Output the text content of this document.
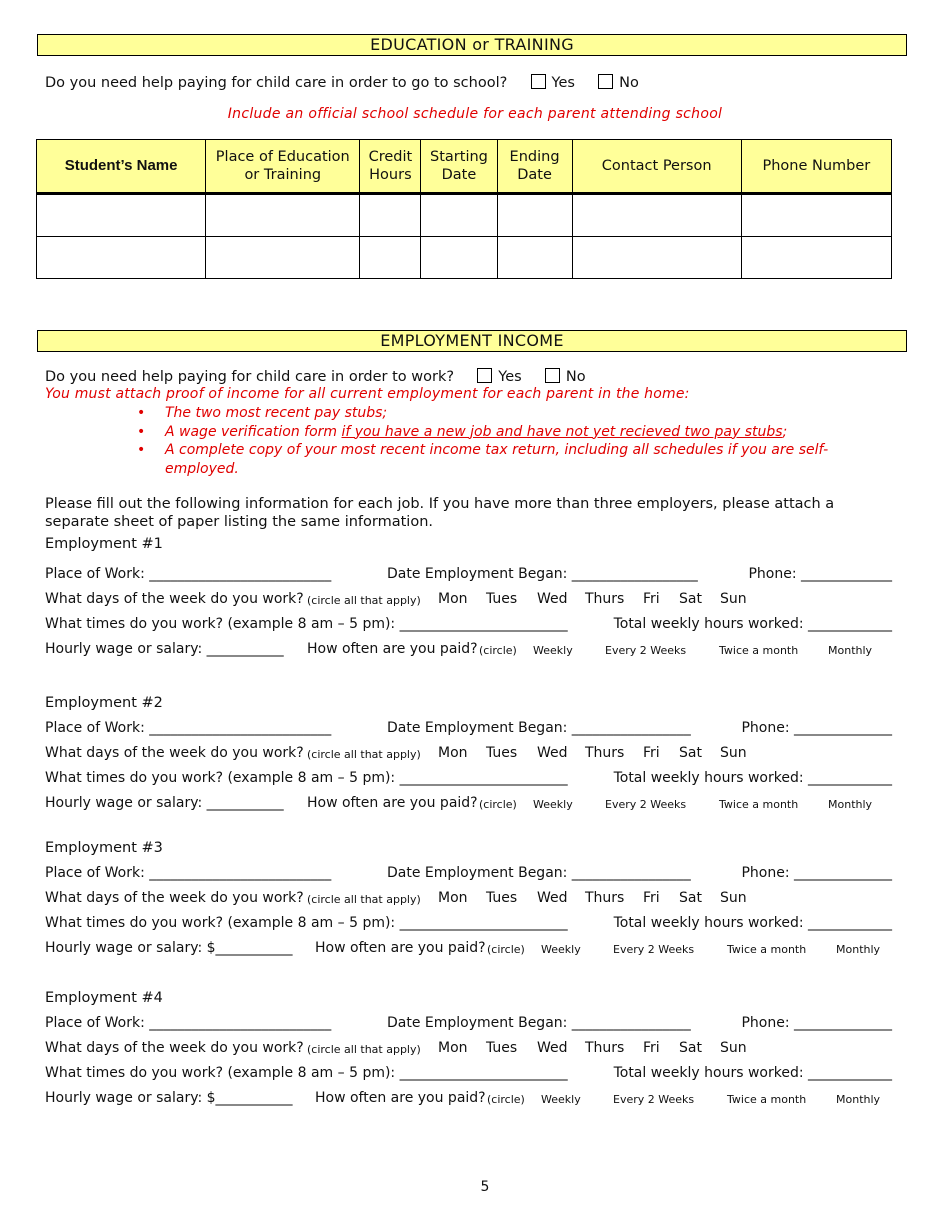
EDUCATION or TRAINING
Do you need help paying for child care in order to go to school?	Yes	No
Include an official school schedule for each parent attending school
Student’s Name	Place of Education or Training	Credit Hours	Starting Date	Ending Date	Contact Person	Phone Number

EMPLOYMENT INCOME
Do you need help paying for child care in order to work?	Yes	No
You must attach proof of income for all current employment for each parent in the home:
• The two most recent pay stubs;
• A wage verification form if you have a new job and have not yet recieved two pay stubs;
• A complete copy of your most recent income tax return, including all schedules if you are self-
employed.
Please fill out the following information for each job. If you have more than three employers, please attach a
separate sheet of paper listing the same information.
Employment #1
Place of Work: __________________________	Date Employment Began: __________________	Phone: _____________
What days of the week do you work? (circle all that apply) Mon Tues Wed Thurs Fri Sat Sun
What times do you work? (example 8 am – 5 pm): ________________________	Total weekly hours worked: ____________
Hourly wage or salary: ___________ How often are you paid? (circle) Weekly	Every 2 Weeks	Twice a month	Monthly
Employment #2
Place of Work: __________________________	Date Employment Began: _________________	Phone: ______________
What days of the week do you work? (circle all that apply) Mon Tues Wed Thurs Fri Sat Sun
What times do you work? (example 8 am – 5 pm): ________________________	Total weekly hours worked: ____________
Hourly wage or salary: ___________ How often are you paid? (circle) Weekly	Every 2 Weeks	Twice a month	Monthly
Employment #3
Place of Work: __________________________	Date Employment Began: _________________	Phone: ______________
What days of the week do you work? (circle all that apply) Mon Tues Wed Thurs Fri Sat Sun
What times do you work? (example 8 am – 5 pm): ________________________	Total weekly hours worked: ____________
Hourly wage or salary: $___________ How often are you paid? (circle) Weekly	Every 2 Weeks	Twice a month	Monthly
Employment #4
Place of Work: __________________________	Date Employment Began: _________________	Phone: ______________
What days of the week do you work? (circle all that apply) Mon Tues Wed Thurs Fri Sat Sun
What times do you work? (example 8 am – 5 pm): ________________________	Total weekly hours worked: ____________
Hourly wage or salary: $___________ How often are you paid? (circle) Weekly	Every 2 Weeks	Twice a month	Monthly
5
